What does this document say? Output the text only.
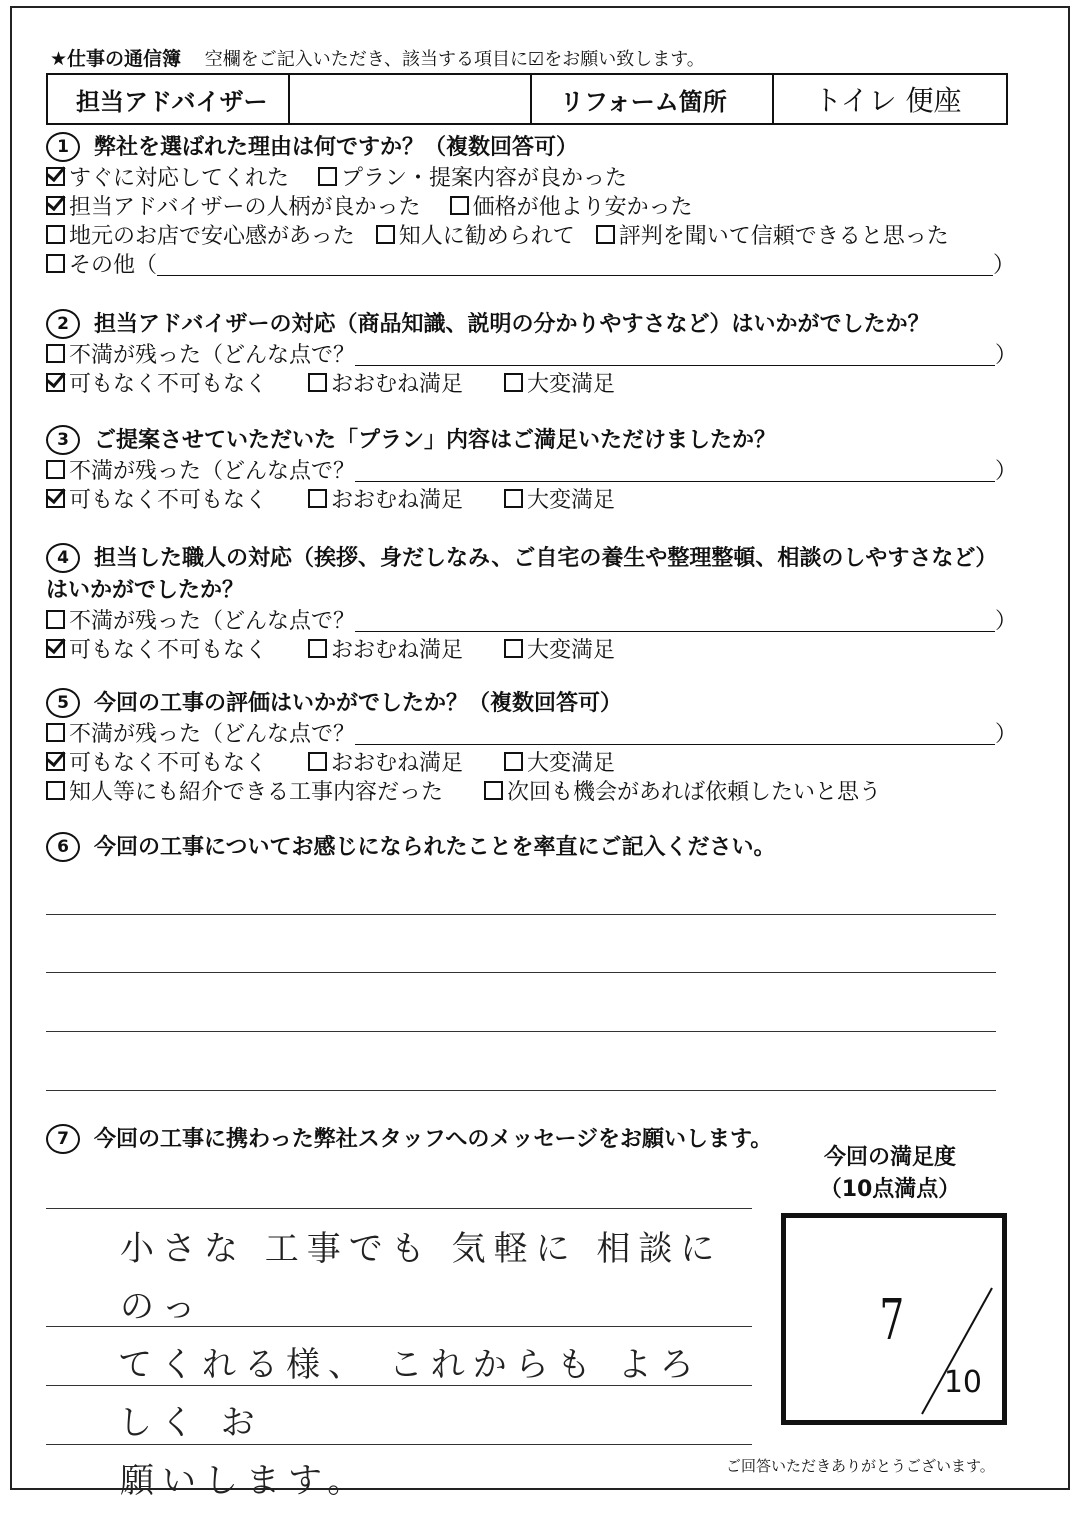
★仕事の通信簿 空欄をご記入いただき、該当する項目に☑をお願い致します。
担当アドバイザー		リフォーム箇所	トイレ 便座
1 弊社を選ばれた理由は何ですか？（複数回答可）
すぐに対応してくれた プラン・提案内容が良かった
担当アドバイザーの人柄が良かった 価格が他より安かった
地元のお店で安心感があった 知人に勧められて 評判を聞いて信頼できると思った
その他（	）
2 担当アドバイザーの対応（商品知識、説明の分かりやすさなど）はいかがでしたか？
不満が残った（どんな点で？	）
可もなく不可もなく	おおむね満足	大変満足
3 ご提案させていただいた「プラン」内容はご満足いただけましたか？
不満が残った（どんな点で？	）
可もなく不可もなく	おおむね満足	大変満足
4 担当した職人の対応（挨拶、身だしなみ、ご自宅の養生や整理整頓、相談のしやすさなど）
はいかがでしたか？
不満が残った（どんな点で？	）
可もなく不可もなく	おおむね満足	大変満足
5 今回の工事の評価はいかがでしたか？（複数回答可）
不満が残った（どんな点で？	）
可もなく不可もなく	おおむね満足	大変満足
知人等にも紹介できる工事内容だった	次回も機会があれば依頼したいと思う
6 今回の工事についてお感じになられたことを率直にご記入ください。
7 今回の工事に携わった弊社スタッフへのメッセージをお願いします。
小さな 工事でも 気軽に 相談に のっ
てくれる様、 これからも よろしく お
願いします。
今回の満足度
（10点満点）
7
10
ご回答いただきありがとうございます。
